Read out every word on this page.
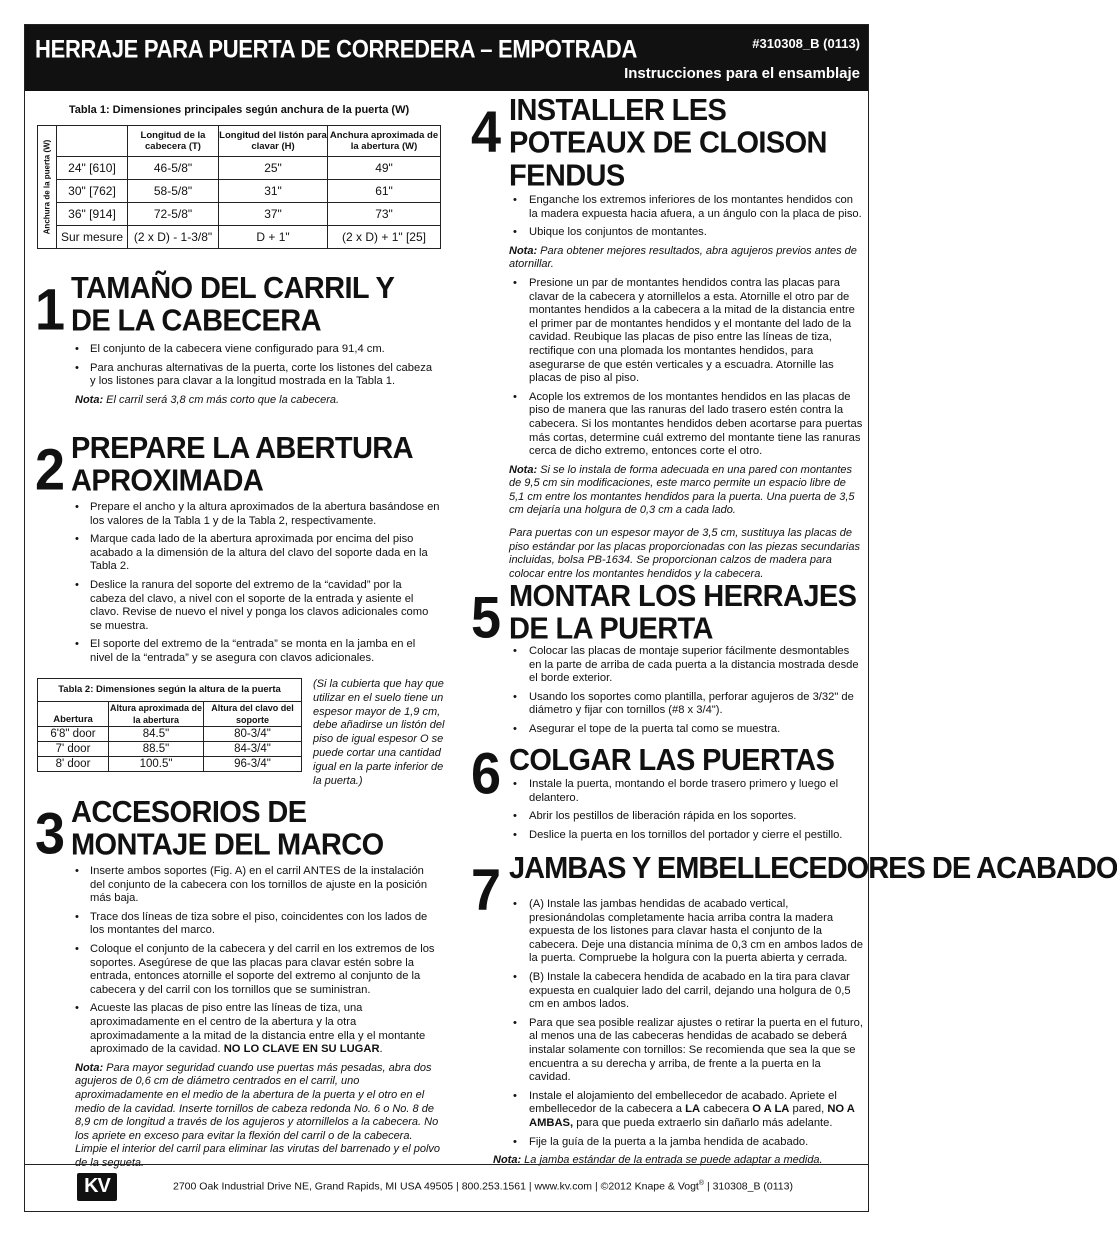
HERRAJE PARA PUERTA DE CORREDERA – EMPOTRADA	#310308_B (0113)
Instrucciones para el ensamblaje
Tabla 1: Dimensiones principales según anchura de la puerta (W)				

Anchura de la puerta (W)		Longitud de la cabecera (T)	Longitud del listón para clavar (H)	Anchura aproximada de la abertura (W)
	24" [610]	46-5/8"	25"	49"
	30" [762]	58-5/8"	31"	61"
	36" [914]	72-5/8"	37"	73"
	Sur mesure	(2 x D) - 1-3/8"	D + 1"	(2 x D) + 1" [25]
1 TAMAÑO DEL CARRIL Y DE LA CABECERA
• El conjunto de la cabecera viene configurado para 91,4 cm.
• Para anchuras alternativas de la puerta, corte los listones del cabeza y los listones para clavar a la longitud mostrada en la Tabla 1.
Nota: El carril será 3,8 cm más corto que la cabecera.
2 PREPARE LA ABERTURA APROXIMADA
• Prepare el ancho y la altura aproximados de la abertura basándose en los valores de la Tabla 1 y de la Tabla 2, respectivamente.
• Marque cada lado de la abertura aproximada por encima del piso acabado a la dimensión de la altura del clavo del soporte dada en la Tabla 2.
• Deslice la ranura del soporte del extremo de la “cavidad” por la cabeza del clavo, a nivel con el soporte de la entrada y asiente el clavo. Revise de nuevo el nivel y ponga los clavos adicionales como se muestra.
• El soporte del extremo de la “entrada” se monta en la jamba en el nivel de la “entrada” y se asegura con clavos adicionales.
Tabla 2: Dimensiones según la altura de la puerta		
Abertura	Altura aproximada de la abertura	Altura del clavo del soporte

6'8" door	84.5"	80-3/4"
7' door	88.5"	84-3/4"
8' door	100.5"	96-3/4"
(Si la cubierta que hay que utilizar en el suelo tiene un espesor mayor de 1,9 cm, debe añadirse un listón del piso de igual espesor O se puede cortar una cantidad igual en la parte inferior de la puerta.)
3 ACCESORIOS DE MONTAJE DEL MARCO
• Inserte ambos soportes (Fig. A) en el carril ANTES de la instalación del conjunto de la cabecera con los tornillos de ajuste en la posición más baja.
• Trace dos líneas de tiza sobre el piso, coincidentes con los lados de los montantes del marco.
• Coloque el conjunto de la cabecera y del carril en los extremos de los soportes. Asegúrese de que las placas para clavar estén sobre la entrada, entonces atornille el soporte del extremo al conjunto de la cabecera y del carril con los tornillos que se suministran.
• Acueste las placas de piso entre las líneas de tiza, una aproximadamente en el centro de la abertura y la otra aproximadamente a la mitad de la distancia entre ella y el montante aproximado de la cavidad. NO LO CLAVE EN SU LUGAR.
Nota: Para mayor seguridad cuando use puertas más pesadas, abra dos agujeros de 0,6 cm de diámetro centrados en el carril, uno aproximadamente en el medio de la abertura de la puerta y el otro en el medio de la cavidad. Inserte tornillos de cabeza redonda No. 6 o No. 8 de 8,9 cm de longitud a través de los agujeros y atornillelos a la cabecera. No los apriete en exceso para evitar la flexión del carril o de la cabecera. Limpie el interior del carril para eliminar las virutas del barrenado y el polvo de la segueta.
4 INSTALLER LES POTEAUX DE CLOISON FENDUS
• Enganche los extremos inferiores de los montantes hendidos con la madera expuesta hacia afuera, a un ángulo con la placa de piso.
• Ubique los conjuntos de montantes.
Nota: Para obtener mejores resultados, abra agujeros previos antes de atornillar.
• Presione un par de montantes hendidos contra las placas para clavar de la cabecera y atornillelos a esta. Atornille el otro par de montantes hendidos a la cabecera a la mitad de la distancia entre el primer par de montantes hendidos y el montante del lado de la cavidad. Reubique las placas de piso entre las líneas de tiza, rectifique con una plomada los montantes hendidos, para asegurarse de que estén verticales y a escuadra. Atornille las placas de piso al piso.
• Acople los extremos de los montantes hendidos en las placas de piso de manera que las ranuras del lado trasero estén contra la cabecera. Si los montantes hendidos deben acortarse para puertas más cortas, determine cuál extremo del montante tiene las ranuras cerca de dicho extremo, entonces corte el otro.
Nota: Si se lo instala de forma adecuada en una pared con montantes de 9,5 cm sin modificaciones, este marco permite un espacio libre de 5,1 cm entre los montantes hendidos para la puerta. Una puerta de 3,5 cm dejaría una holgura de 0,3 cm a cada lado.
Para puertas con un espesor mayor de 3,5 cm, sustituya las placas de piso estándar por las placas proporcionadas con las piezas secundarias incluidas, bolsa PB-1634. Se proporcionan calzos de madera para colocar entre los montantes hendidos y la cabecera.
5 MONTAR LOS HERRAJES DE LA PUERTA
• Colocar las placas de montaje superior fácilmente desmontables en la parte de arriba de cada puerta a la distancia mostrada desde el borde exterior.
• Usando los soportes como plantilla, perforar agujeros de 3/32" de diámetro y fijar con tornillos (#8 x 3/4").
• Asegurar el tope de la puerta tal como se muestra.
6 COLGAR LAS PUERTAS
• Instale la puerta, montando el borde trasero primero y luego el delantero.
• Abrir los pestillos de liberación rápida en los soportes.
• Deslice la puerta en los tornillos del portador y cierre el pestillo.
7 JAMBAS Y EMBELLECEDORES DE ACABADO
• (A) Instale las jambas hendidas de acabado vertical, presionándolas completamente hacia arriba contra la madera expuesta de los listones para clavar hasta el conjunto de la cabecera. Deje una distancia mínima de 0,3 cm en ambos lados de la puerta. Compruebe la holgura con la puerta abierta y cerrada.
• (B) Instale la cabecera hendida de acabado en la tira para clavar expuesta en cualquier lado del carril, dejando una holgura de 0,5 cm en ambos lados.
• Para que sea posible realizar ajustes o retirar la puerta en el futuro, al menos una de las cabeceras hendidas de acabado se deberá instalar solamente con tornillos: Se recomienda que sea la que se encuentra a su derecha y arriba, de frente a la puerta en la cavidad.
• Instale el alojamiento del embellecedor de acabado. Apriete el embellecedor de la cabecera a LA cabecera O A LA pared, NO A AMBAS, para que pueda extraerlo sin dañarlo más adelante.
• Fije la guía de la puerta a la jamba hendida de acabado.
Nota: La jamba estándar de la entrada se puede adaptar a medida.
KV	2700 Oak Industrial Drive NE, Grand Rapids, MI USA 49505 | 800.253.1561 | www.kv.com | ©2012 Knape & Vogt® | 310308_B (0113)
